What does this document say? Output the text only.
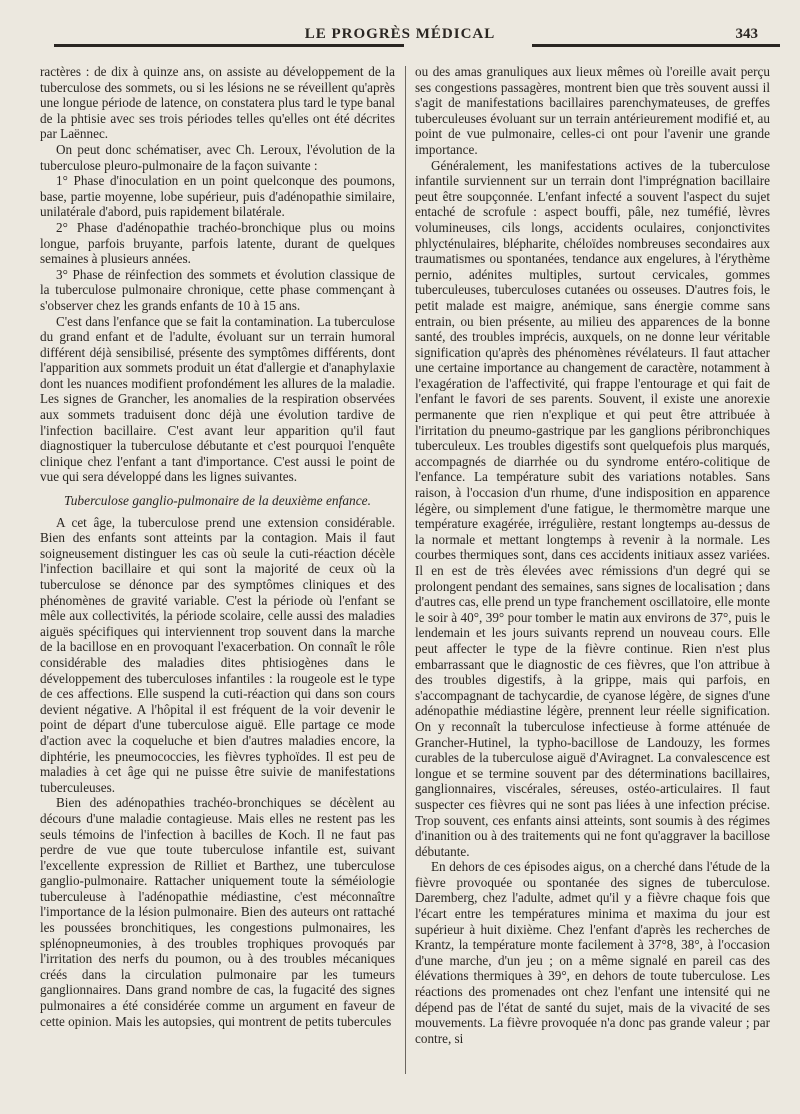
LE PROGRÈS MÉDICAL	343

ractères : de dix à quinze ans, on assiste au développement de la tuberculose des sommets, ou si les lésions ne se réveillent qu'après une longue période de latence, on constatera plus tard le type banal de la phtisie avec ses trois périodes telles qu'elles ont été décrites par Laënnec.

On peut donc schématiser, avec Ch. Leroux, l'évolution de la tuberculose pleuro-pulmonaire de la façon suivante :

1° Phase d'inoculation en un point quelconque des poumons, base, partie moyenne, lobe supérieur, puis d'adénopathie similaire, unilatérale d'abord, puis rapidement bilatérale.

2° Phase d'adénopathie trachéo-bronchique plus ou moins longue, parfois bruyante, parfois latente, durant de quelques semaines à plusieurs années.

3° Phase de réinfection des sommets et évolution classique de la tuberculose pulmonaire chronique, cette phase commençant à s'observer chez les grands enfants de 10 à 15 ans.

C'est dans l'enfance que se fait la contamination. La tuberculose du grand enfant et de l'adulte, évoluant sur un terrain humoral différent déjà sensibilisé, présente des symptômes différents, dont l'apparition aux sommets produit un état d'allergie et d'anaphylaxie dont les nuances modifient profondément les allures de la maladie. Les signes de Grancher, les anomalies de la respiration observées aux sommets traduisent donc déjà une évolution tardive de l'infection bacillaire. C'est avant leur apparition qu'il faut diagnostiquer la tuberculose débutante et c'est pourquoi l'enquête clinique chez l'enfant a tant d'importance. C'est aussi le point de vue qui sera développé dans les lignes suivantes.

Tuberculose ganglio-pulmonaire de la deuxième enfance.

A cet âge, la tuberculose prend une extension considérable. Bien des enfants sont atteints par la contagion. Mais il faut soigneusement distinguer les cas où seule la cuti-réaction décèle l'infection bacillaire et qui sont la majorité de ceux où la tuberculose se dénonce par des symptômes cliniques et des phénomènes de gravité variable. C'est la période où l'enfant se mêle aux collectivités, la période scolaire, celle aussi des maladies aiguës spécifiques qui interviennent trop souvent dans la marche de la bacillose en en provoquant l'exacerbation. On connaît le rôle considérable des maladies dites phtisiogènes dans le développement des tuberculoses infantiles : la rougeole est le type de ces affections. Elle suspend la cuti-réaction qui dans son cours devient négative. A l'hôpital il est fréquent de la voir devenir le point de départ d'une tuberculose aiguë. Elle partage ce mode d'action avec la coqueluche et bien d'autres maladies encore, la diphtérie, les pneumococcies, les fièvres typhoïdes. Il est peu de maladies à cet âge qui ne puisse être suivie de manifestations tuberculeuses.

Bien des adénopathies trachéo-bronchiques se décèlent au décours d'une maladie contagieuse. Mais elles ne restent pas les seuls témoins de l'infection à bacilles de Koch. Il ne faut pas perdre de vue que toute tuberculose infantile est, suivant l'excellente expression de Rilliet et Barthez, une tuberculose ganglio-pulmonaire. Rattacher uniquement toute la séméiologie tuberculeuse à l'adénopathie médiastine, c'est méconnaître l'importance de la lésion pulmonaire. Bien des auteurs ont rattaché les poussées bronchitiques, les congestions pulmonaires, les splénopneumonies, à des troubles trophiques provoqués par l'irritation des nerfs du poumon, ou à des troubles mécaniques créés dans la circulation pulmonaire par les tumeurs ganglionnaires. Dans grand nombre de cas, la fugacité des signes pulmonaires a été considérée comme un argument en faveur de cette opinion. Mais les autopsies, qui montrent de petits tubercules

ou des amas granuliques aux lieux mêmes où l'oreille avait perçu ses congestions passagères, montrent bien que très souvent aussi il s'agit de manifestations bacillaires parenchymateuses, de greffes tuberculeuses évoluant sur un terrain antérieurement modifié et, au point de vue pulmonaire, celles-ci ont pour l'avenir une grande importance.

Généralement, les manifestations actives de la tuberculose infantile surviennent sur un terrain dont l'imprégnation bacillaire peut être soupçonnée. L'enfant infecté a souvent l'aspect du sujet entaché de scrofule : aspect bouffi, pâle, nez tuméfié, lèvres volumineuses, cils longs, accidents oculaires, conjonctivites phlycténulaires, blépharite, chéloïdes nombreuses secondaires aux traumatismes ou spontanées, tendance aux engelures, à l'érythème pernio, adénites multiples, surtout cervicales, gommes tuberculeuses, tuberculoses cutanées ou osseuses. D'autres fois, le petit malade est maigre, anémique, sans énergie comme sans entrain, ou bien présente, au milieu des apparences de la bonne santé, des troubles imprécis, auxquels, on ne donne leur véritable signification qu'après des phénomènes révélateurs. Il faut attacher une certaine importance au changement de caractère, notamment à l'exagération de l'affectivité, qui frappe l'entourage et qui fait de l'enfant le favori de ses parents. Souvent, il existe une anorexie permanente que rien n'explique et qui peut être attribuée à l'irritation du pneumo-gastrique par les ganglions péribronchiques tuberculeux. Les troubles digestifs sont quelquefois plus marqués, accompagnés de diarrhée ou du syndrome entéro-colitique de l'enfance. La température subit des variations notables. Sans raison, à l'occasion d'un rhume, d'une indisposition en apparence légère, ou simplement d'une fatigue, le thermomètre marque une température exagérée, irrégulière, restant longtemps au-dessus de la normale et mettant longtemps à revenir à la normale. Les courbes thermiques sont, dans ces accidents initiaux assez variées. Il en est de très élevées avec rémissions d'un degré qui se prolongent pendant des semaines, sans signes de localisation ; dans d'autres cas, elle prend un type franchement oscillatoire, elle monte le soir à 40°, 39° pour tomber le matin aux environs de 37°, puis le lendemain et les jours suivants reprend un nouveau cours. Elle peut affecter le type de la fièvre continue. Rien n'est plus embarrassant que le diagnostic de ces fièvres, que l'on attribue à des troubles digestifs, à la grippe, mais qui parfois, en s'accompagnant de tachycardie, de cyanose légère, de signes d'une adénopathie médiastine légère, prennent leur réelle signification. On y reconnaît la tuberculose infectieuse à forme atténuée de Grancher-Hutinel, la typho-bacillose de Landouzy, les formes curables de la tuberculose aiguë d'Aviragnet. La convalescence est longue et se termine souvent par des déterminations bacillaires, ganglionnaires, viscérales, séreuses, ostéo-articulaires. Il faut suspecter ces fièvres qui ne sont pas liées à une infection précise. Trop souvent, ces enfants ainsi atteints, sont soumis à des régimes d'inanition ou à des traitements qui ne font qu'aggraver la bacillose débutante.

En dehors de ces épisodes aigus, on a cherché dans l'étude de la fièvre provoquée ou spontanée des signes de tuberculose. Daremberg, chez l'adulte, admet qu'il y a fièvre chaque fois que l'écart entre les températures minima et maxima du jour est supérieur à huit dixième. Chez l'enfant d'après les recherches de Krantz, la température monte facilement à 37°8, 38°, à l'occasion d'une marche, d'un jeu ; on a même signalé en pareil cas des élévations thermiques à 39°, en dehors de toute tuberculose. Les réactions des promenades ont chez l'enfant une intensité qui ne dépend pas de l'état de santé du sujet, mais de la vivacité de ses mouvements. La fièvre provoquée n'a donc pas grande valeur ; par contre, si
